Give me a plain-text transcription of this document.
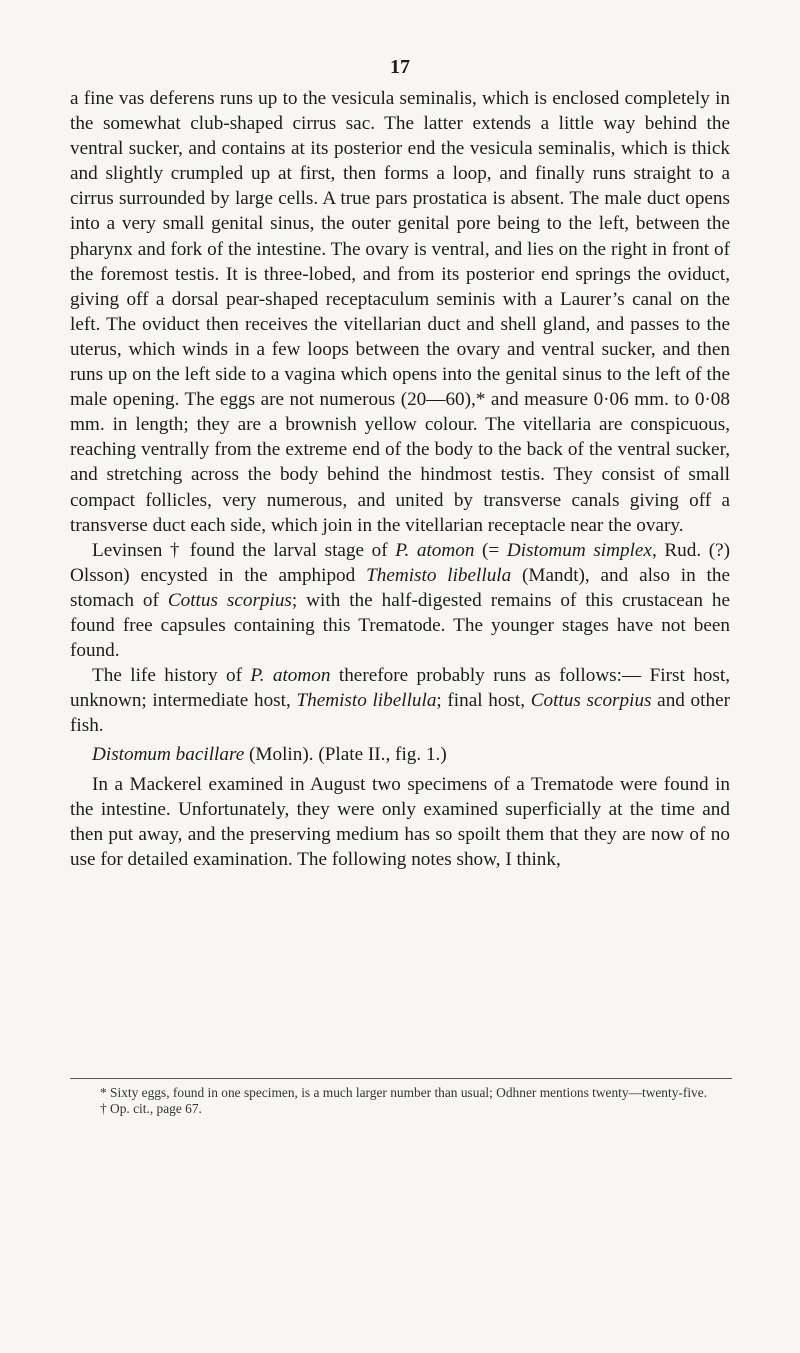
17

a fine vas deferens runs up to the vesicula seminalis, which is enclosed completely in the somewhat club-shaped cirrus sac. The latter extends a little way behind the ventral sucker, and contains at its posterior end the vesicula seminalis, which is thick and slightly crumpled up at first, then forms a loop, and finally runs straight to a cirrus surrounded by large cells. A true pars prostatica is absent. The male duct opens into a very small genital sinus, the outer genital pore being to the left, between the pharynx and fork of the intestine. The ovary is ventral, and lies on the right in front of the foremost testis. It is three-lobed, and from its posterior end springs the oviduct, giving off a dorsal pear-shaped receptaculum seminis with a Laurer’s canal on the left. The oviduct then receives the vitellarian duct and shell gland, and passes to the uterus, which winds in a few loops between the ovary and ventral sucker, and then runs up on the left side to a vagina which opens into the genital sinus to the left of the male opening. The eggs are not numerous (20—60),* and measure 0·06 mm. to 0·08 mm. in length; they are a brownish yellow colour. The vitellaria are conspicuous, reaching ventrally from the extreme end of the body to the back of the ventral sucker, and stretching across the body behind the hindmost testis. They consist of small compact follicles, very numerous, and united by transverse canals giving off a transverse duct each side, which join in the vitellarian receptacle near the ovary.

Levinsen † found the larval stage of P. atomon (= Distomum simplex, Rud. (?) Olsson) encysted in the amphipod Themisto libellula (Mandt), and also in the stomach of Cottus scorpius; with the half-digested remains of this crustacean he found free capsules containing this Trematode. The younger stages have not been found.

The life history of P. atomon therefore probably runs as follows:— First host, unknown; intermediate host, Themisto libellula; final host, Cottus scorpius and other fish.

Distomum bacillare (Molin). (Plate II., fig. 1.)

In a Mackerel examined in August two specimens of a Trematode were found in the intestine. Unfortunately, they were only examined superficially at the time and then put away, and the preserving medium has so spoilt them that they are now of no use for detailed examination. The following notes show, I think,

* Sixty eggs, found in one specimen, is a much larger number than usual; Odhner mentions twenty—twenty-five.

† Op. cit., page 67.
